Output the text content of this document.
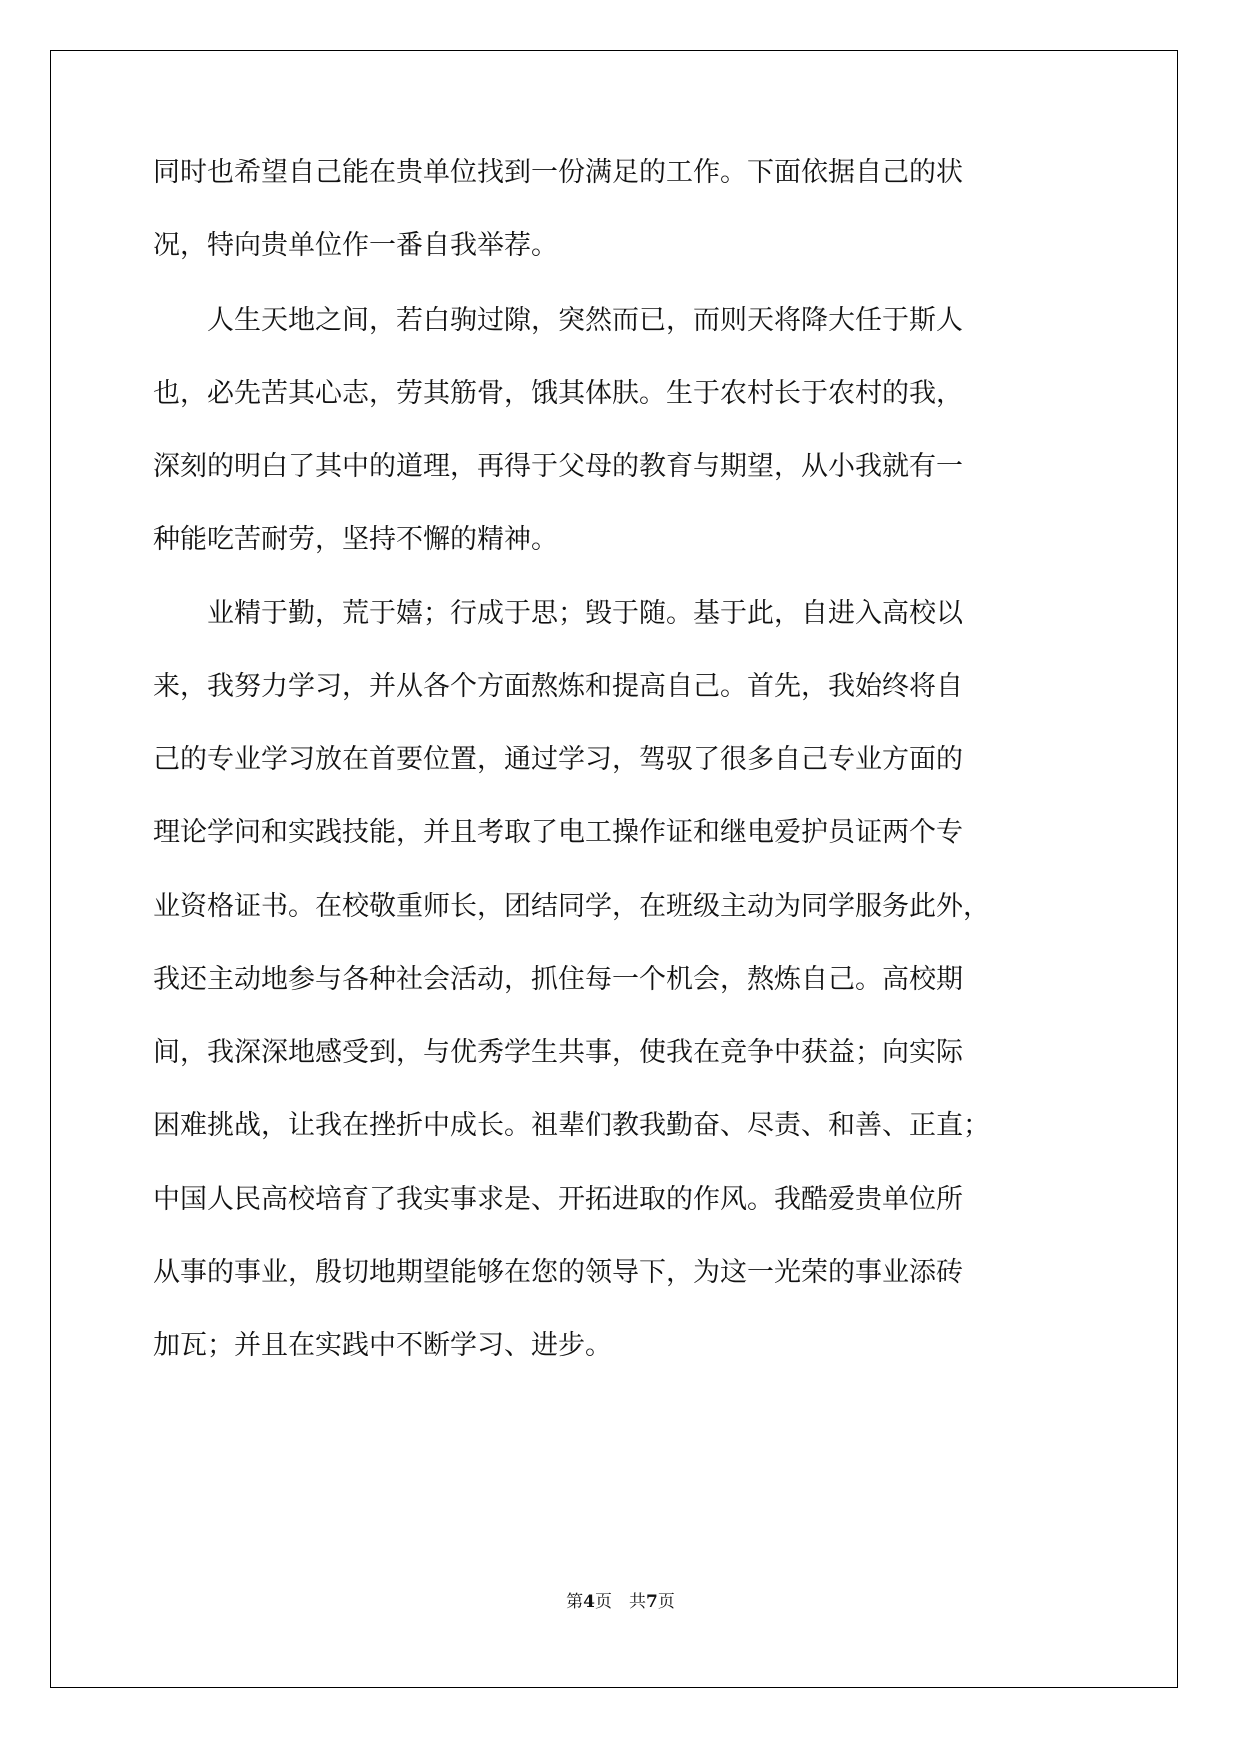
同时也希望自己能在贵单位找到一份满足的工作。下面依据自己的状
况，特向贵单位作一番自我举荐。
　　人生天地之间，若白驹过隙，突然而已，而则天将降大任于斯人
也，必先苦其心志，劳其筋骨，饿其体肤。生于农村长于农村的我，
深刻的明白了其中的道理，再得于父母的教育与期望，从小我就有一
种能吃苦耐劳，坚持不懈的精神。
　　业精于勤，荒于嬉；行成于思；毁于随。基于此，自进入高校以
来，我努力学习，并从各个方面熬炼和提高自己。首先，我始终将自
己的专业学习放在首要位置，通过学习，驾驭了很多自己专业方面的
理论学问和实践技能，并且考取了电工操作证和继电爱护员证两个专
业资格证书。在校敬重师长，团结同学，在班级主动为同学服务此外，
我还主动地参与各种社会活动，抓住每一个机会，熬炼自己。高校期
间，我深深地感受到，与优秀学生共事，使我在竞争中获益；向实际
困难挑战，让我在挫折中成长。祖辈们教我勤奋、尽责、和善、正直；
中国人民高校培育了我实事求是、开拓进取的作风。我酷爱贵单位所
从事的事业，殷切地期望能够在您的领导下，为这一光荣的事业添砖
加瓦；并且在实践中不断学习、进步。
第4页　共7页
